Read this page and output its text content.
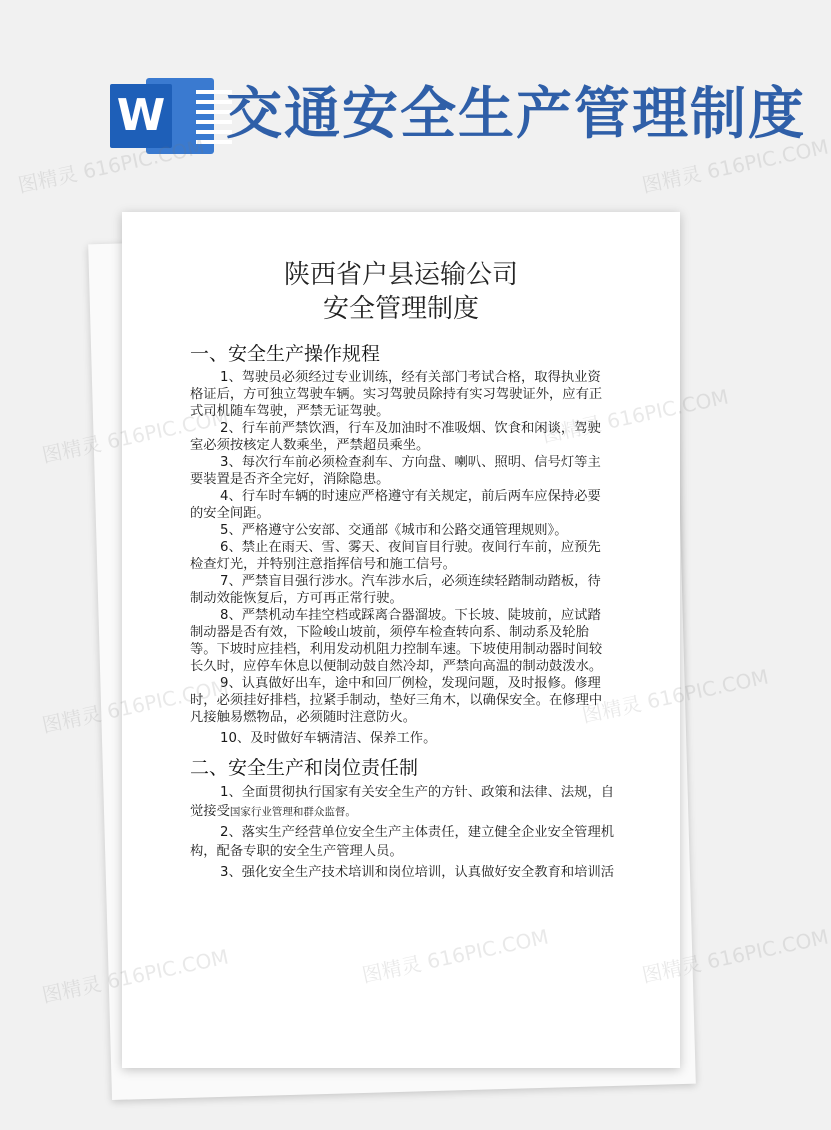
W 交通安全生产管理制度
陕西省户县运输公司
安全管理制度
一、安全生产操作规程
1、驾驶员必须经过专业训练，经有关部门考试合格，取得执业资
格证后，方可独立驾驶车辆。实习驾驶员除持有实习驾驶证外，应有正
式司机随车驾驶，严禁无证驾驶。
2、行车前严禁饮酒，行车及加油时不准吸烟、饮食和闲谈，驾驶
室必须按核定人数乘坐，严禁超员乘坐。
3、每次行车前必须检查刹车、方向盘、喇叭、照明、信号灯等主
要装置是否齐全完好，消除隐患。
4、行车时车辆的时速应严格遵守有关规定，前后两车应保持必要
的安全间距。
5、严格遵守公安部、交通部《城市和公路交通管理规则》。
6、禁止在雨天、雪、雾天、夜间盲目行驶。夜间行车前，应预先
检查灯光，并特别注意指挥信号和施工信号。
7、严禁盲目强行涉水。汽车涉水后，必须连续轻踏制动踏板，待
制动效能恢复后，方可再正常行驶。
8、严禁机动车挂空档或踩离合器溜坡。下长坡、陡坡前，应试踏
制动器是否有效，下险峻山坡前，须停车检查转向系、制动系及轮胎
等。下坡时应挂档，利用发动机阻力控制车速。下坡使用制动器时间较
长久时，应停车休息以便制动鼓自然冷却，严禁向高温的制动鼓泼水。
9、认真做好出车，途中和回厂例检，发现问题，及时报修。修理
时，必须挂好排档，拉紧手制动，垫好三角木，以确保安全。在修理中
凡接触易燃物品，必须随时注意防火。
10、及时做好车辆清洁、保养工作。
二、安全生产和岗位责任制
1、全面贯彻执行国家有关安全生产的方针、政策和法律、法规，自
觉接受国家行业管理和群众监督。
2、落实生产经营单位安全生产主体责任，建立健全企业安全管理机
构，配备专职的安全生产管理人员。
3、强化安全生产技术培训和岗位培训，认真做好安全教育和培训活
图精灵 616PIC.COM	图精灵 616PIC.COM
图精灵
图精灵
616PIC.COM
图精灵
图精灵 616PIC.COM
